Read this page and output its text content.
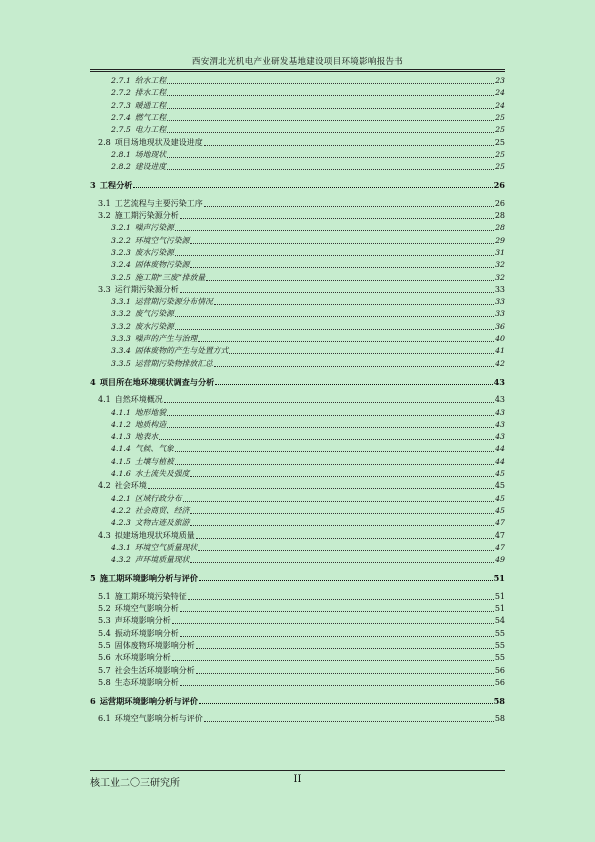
西安渭北光机电产业研发基地建设项目环境影响报告书
2.7.1 给水工程	23
2.7.2 排水工程	24
2.7.3 暖通工程	24
2.7.4 燃气工程	25
2.7.5 电力工程	25
2.8 项目场地现状及建设进度	25
2.8.1 场地现状	25
2.8.2 建设进度	25
3 工程分析	26
3.1 工艺流程与主要污染工序	26
3.2 施工期污染源分析	28
3.2.1 噪声污染源	28
3.2.2 环境空气污染源	29
3.2.3 废水污染源	31
3.2.4 固体废物污染源	32
3.2.5 施工期“三废”排放量	32
3.3 运行期污染源分析	33
3.3.1 运营期污染源分布情况	33
3.3.2 废气污染源	33
3.3.2 废水污染源	36
3.3.3 噪声的产生与治理	40
3.3.4 固体废物的产生与处置方式	41
3.3.5 运营期污染物排放汇总	42
4 项目所在地环境现状调查与分析	43
4.1 自然环境概况	43
4.1.1 地形地貌	43
4.1.2 地质构造	43
4.1.3 地表水	43
4.1.4 气候、气象	44
4.1.5 土壤与植被	44
4.1.6 水土流失及强度	45
4.2 社会环境	45
4.2.1 区域行政分布	45
4.2.2 社会商贸、经济	45
4.2.3 文物古迹及旅游	47
4.3 拟建场地现状环境质量	47
4.3.1 环境空气质量现状	47
4.3.2 声环境质量现状	49
5 施工期环境影响分析与评价	51
5.1 施工期环境污染特征	51
5.2 环境空气影响分析	51
5.3 声环境影响分析	54
5.4 振动环境影响分析	55
5.5 固体废物环境影响分析	55
5.6 水环境影响分析	55
5.7 社会生活环境影响分析	56
5.8 生态环境影响分析	56
6 运营期环境影响分析与评价	58
6.1 环境空气影响分析与评价	58
核工业二〇三研究所	II
